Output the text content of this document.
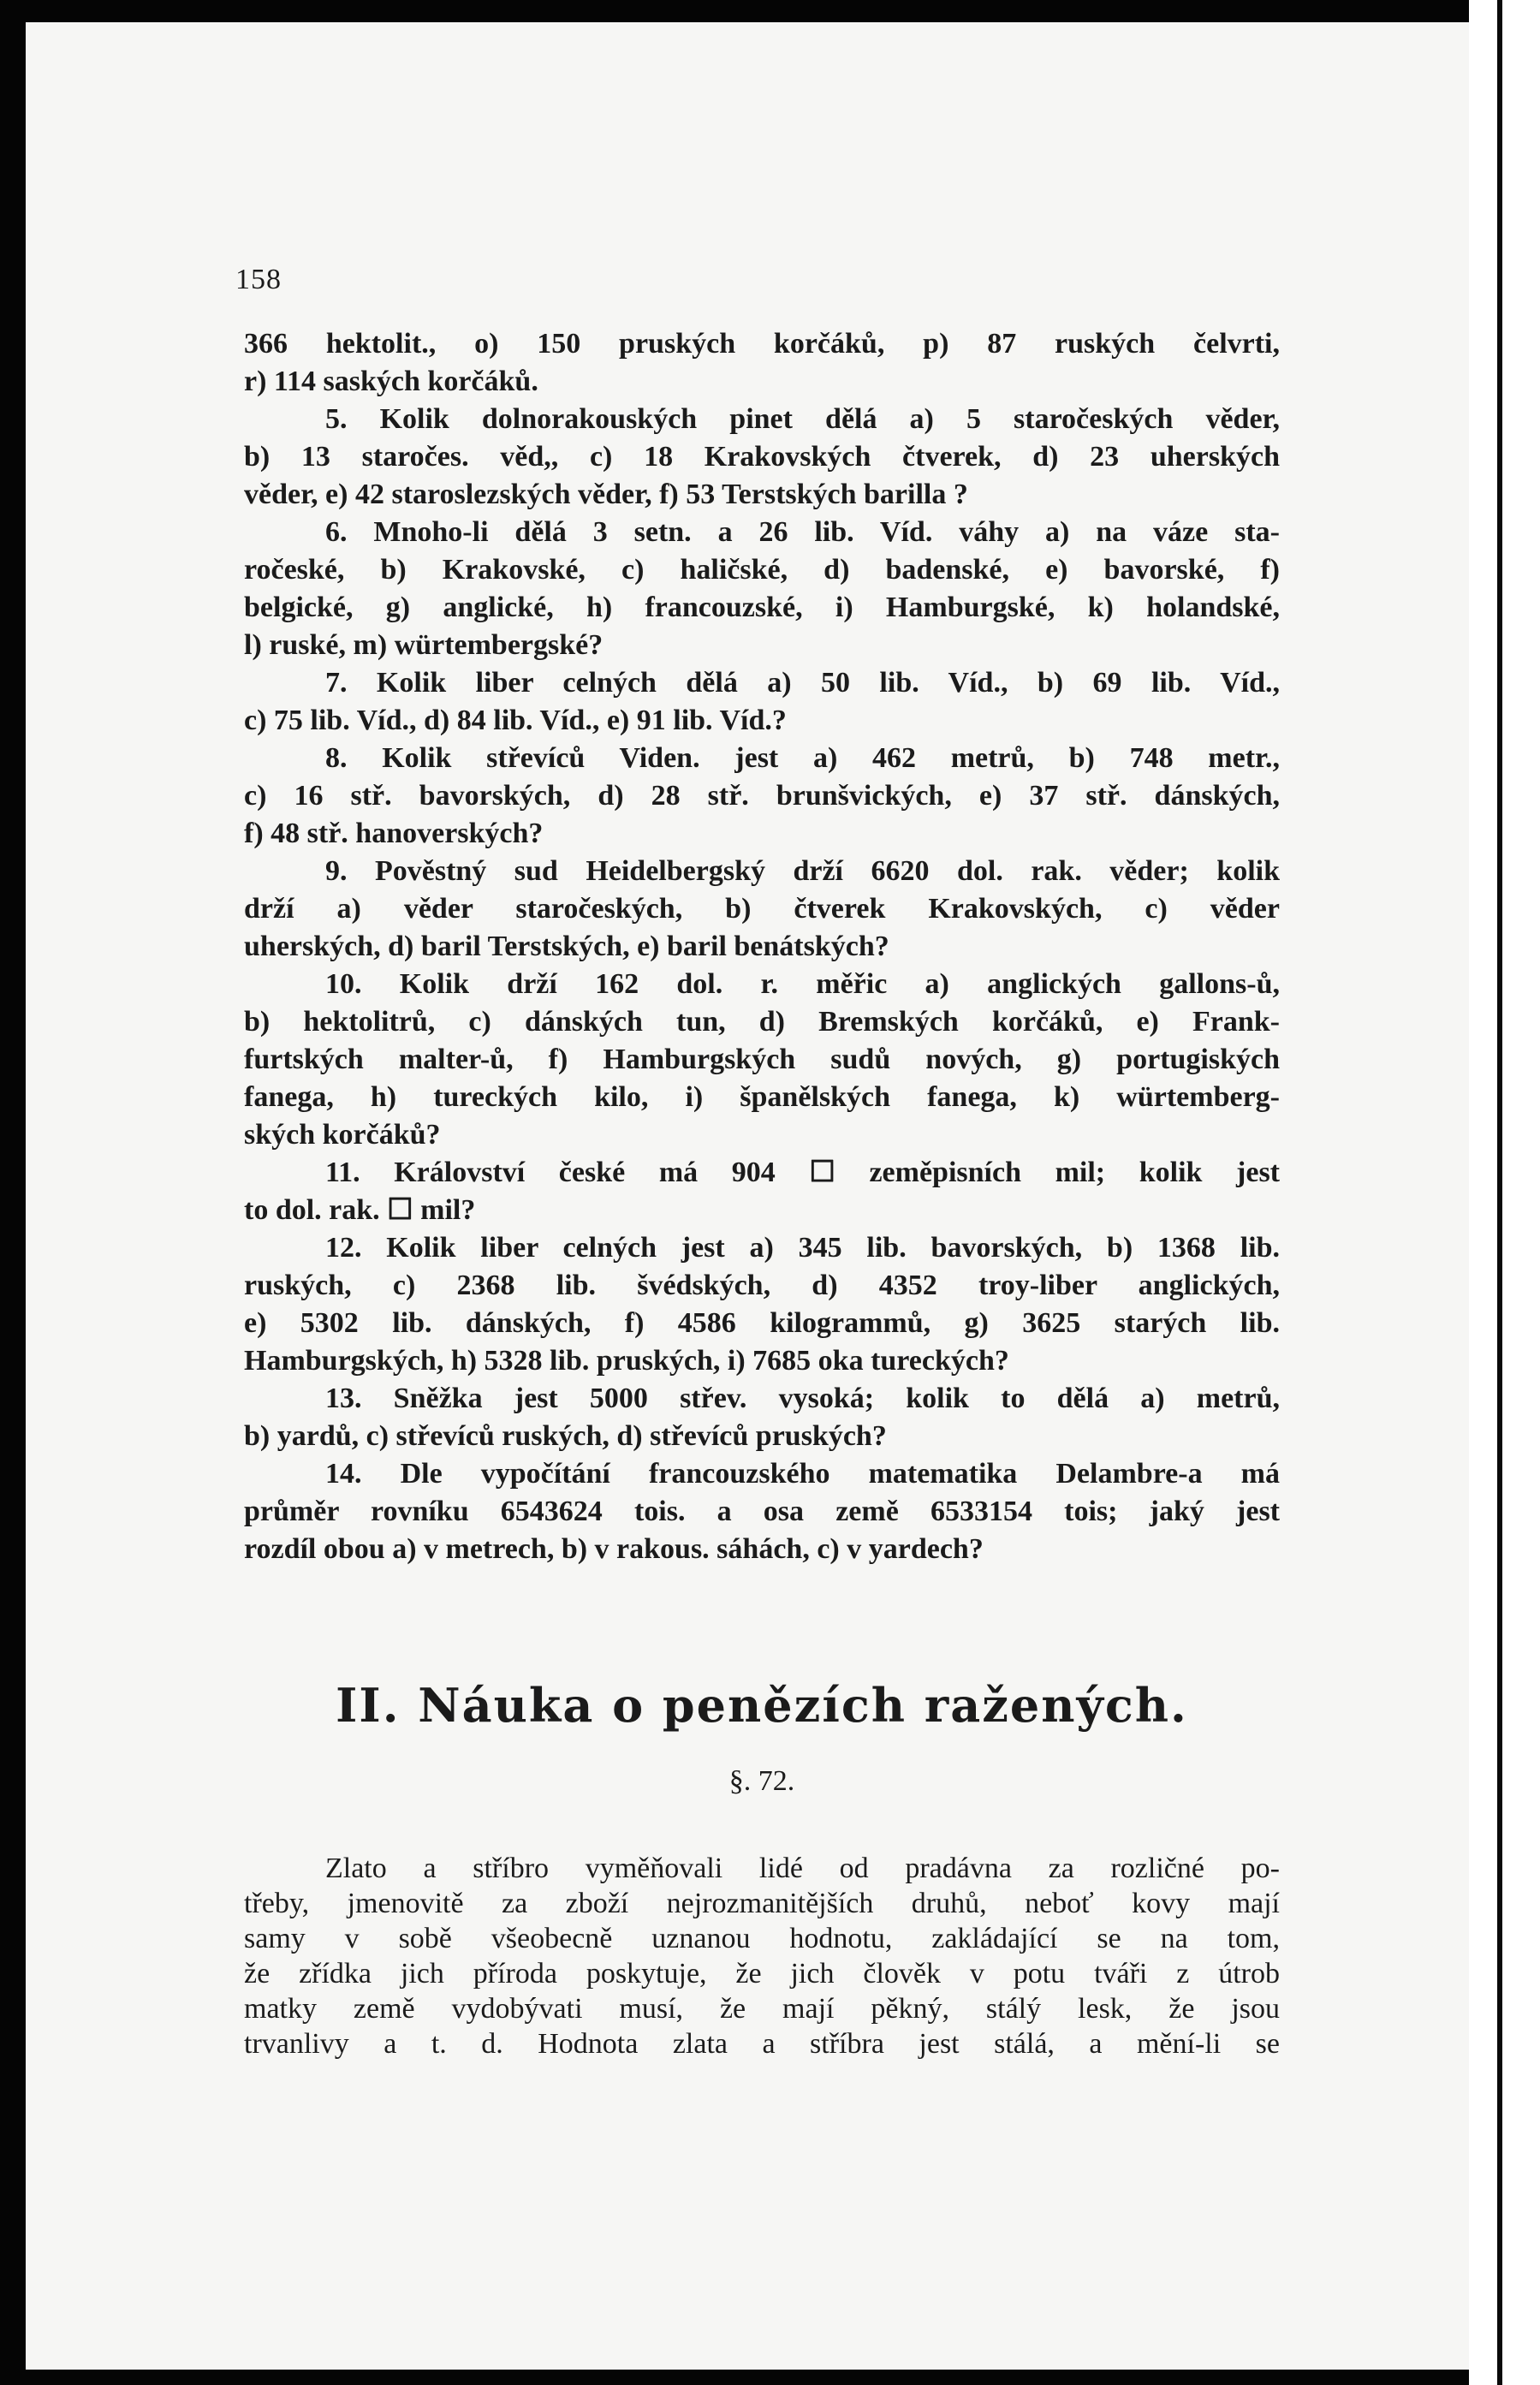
158
366 hektolit., o) 150 pruských korčáků, p) 87 ruských čelvrti,
r) 114 saských korčáků.
5. Kolik dolnorakouských pinet dělá a) 5 staročeských věder,
b) 13 staroče​s. věd,, c) 18 Krakovských čtverek, d) 23 uherských
věder, e) 42 staroslezských věder, f) 53 Terstských barilla ?
6. Mnoho-li dělá 3 setn. a 26 lib. Víd. váhy a) na váze sta-
ročeské, b) Krakovské, c) haličské, d) badenské, e) bavorské, f)
belgické, g) anglické, h) francouzské, i) Hamburgské, k) holandské,
l) ruské, m) würtembergské?
7. Kolik liber celných dělá a) 50 lib. Víd., b) 69 lib. Víd.,
c) 75 lib. Víd., d) 84 lib. Víd., e) 91 lib. Víd.?
8. Kolik střevíců Viden. jest a) 462 metrů, b) 748 metr.,
c) 16 stř. bavorských, d) 28 stř. brunšvických, e) 37 stř. dánských,
f) 48 stř. hanoverských?
9. Pověstný sud Heidelbergský drží 6620 dol. rak. věder; kolik
drží a) věder staročeských, b) čtverek Krakovských, c) věder
uherských, d) baril Terstských, e) baril benátských?
10. Kolik drží 162 dol. r. měřic a) anglických gallons-ů,
b) hektolitrů, c) dánských tun, d) Bremských korčáků, e) Frank-
furtských malter-ů, f) Hamburgských sudů nových, g) portugiských
fanega, h) tureckých kilo, i) španělských fanega, k) würtemberg-
ských korčáků?
11. Království české má 904 ☐ zeměpisních mil; kolik jest
to dol. rak. ☐ mil?
12. Kolik liber celných jest a) 345 lib. bavorských, b) 1368 lib.
ruských, c) 2368 lib. švédských, d) 4352 troy-liber anglických,
e) 5302 lib. dánských, f) 4586 kilogrammů, g) 3625 starých lib.
Hamburgských, h) 5328 lib. pruských, i) 7685 oka tureckých?
13. Sněžka jest 5000 střev. vysoká; kolik to dělá a) metrů,
b) yardů, c) střevíců ruských, d) střevíců pruských?
14. Dle vypočítání francouzského matematika Delambre-a má
průměr rovníku 6543624 tois. a osa země 6533154 tois; jaký jest
rozdíl obou a) v metrech, b) v rakous. sáhách, c) v yardech?
II. Náuka o penězích ražených.
§. 72.
Zlato a stříbro vyměňovali lidé od pradávna za rozličné po-
třeby, jmenovitě za zboží nejrozmanitějších druhů, neboť kovy mají
samy v sobě všeobecně uznanou hodnotu, zakládající se na tom,
že zřídka jich příroda poskytuje, že jich člověk v potu tváři z útrob
matky země vydobývati musí, že mají pěkný, stálý lesk, že jsou
trvanlivy a t. d. Hodnota zlata a stříbra jest stálá, a mění-li se
